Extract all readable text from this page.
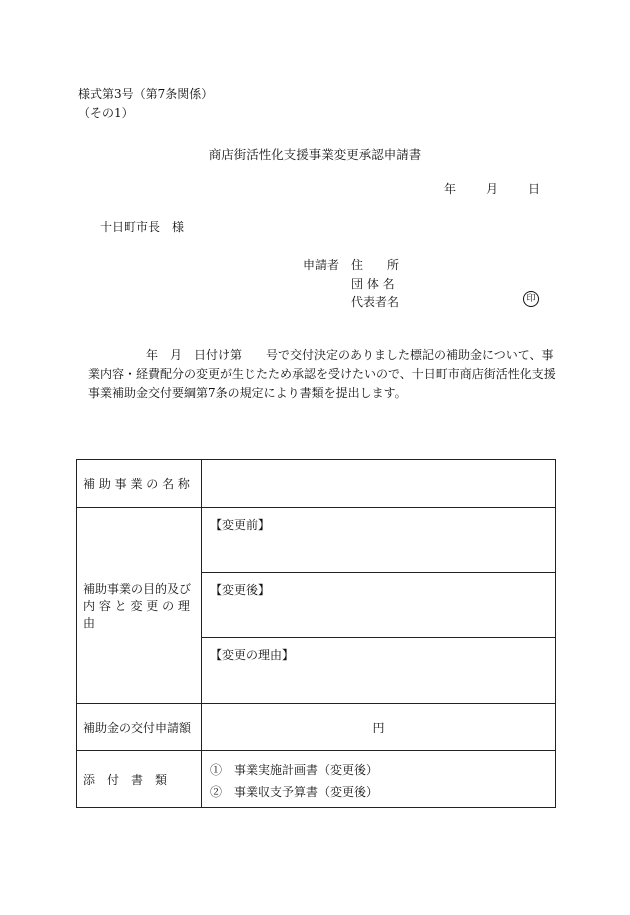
様式第3号（第7条関係）
（その1）
商店街活性化支援事業変更承認申請書
年	月	日
十日町市長　様
申請者 住　　所
団 体 名
代表者名	印

年　月　日付け第　　号で交付決定のありました標記の補助金について、事

業内容・経費配分の変更が生じたため承認を受けたいので、十日町市商店街活性化支援

事業補助金交付要綱第7条の規定により書類を提出します。

補 助 事 業 の 名 称	

補助事業の目的及び
内 容 と 変 更 の 理 由	【変更前】
	【変更後】
	【変更の理由】
補助金の交付申請額	円
添　付　書　類	①　事業実施計画書（変更後）
②　事業収支予算書（変更後）
